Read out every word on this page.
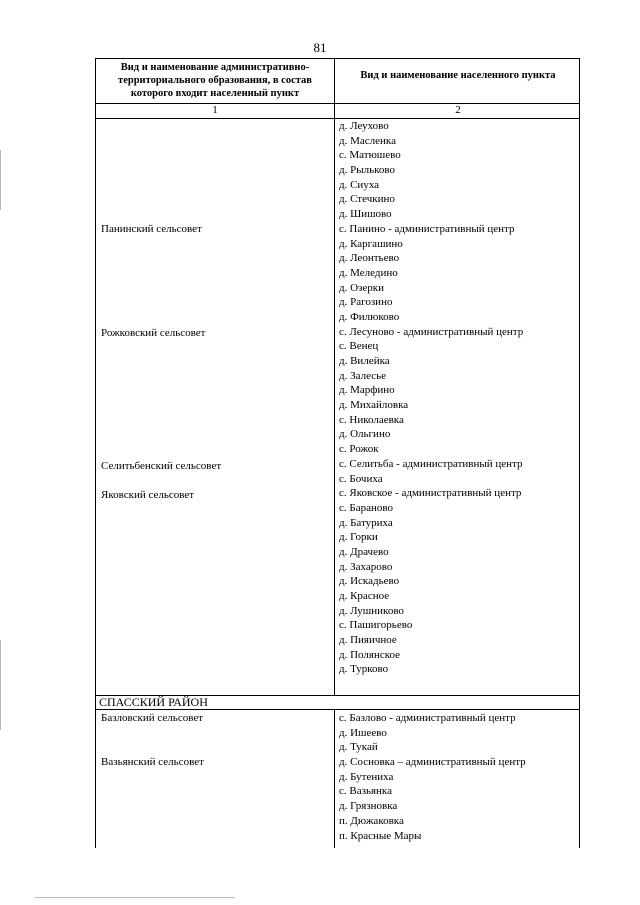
81
Вид и наименование административно-территориального образования, в состав которого входит населенный пункт
Вид и наименование населенного пункта
1	2
Панинский сельсовет
Рожковский сельсовет
Селитьбенский сельсовет
Яковский сельсовет
д. Леухово
д. Масленка
с. Матюшево
д. Рыльково
д. Сиуха
д. Стечкино
д. Шишово
с. Панино - административный центр
д. Каргашино
д. Леонтьево
д. Меледино
д. Озерки
д. Рагозино
д. Филюково
с. Лесуново - административный центр
с. Венец
д. Вилейка
д. Залесье
д. Марфино
д. Михайловка
с. Николаевка
д. Ольгино
с. Рожок
с. Селитьба - административный центр
с. Бочиха
с. Яковское - административный центр
с. Бараново
д. Батуриха
д. Горки
д. Драчево
д. Захарово
д. Искадьево
д. Красное
д. Лушниково
с. Пашигорьево
д. Пияичное
д. Полянское
д. Турково
СПАССКИЙ РАЙОН
Базловский сельсовет
Вазьянский сельсовет
с. Базлово - административный центр
д. Ишеево
д. Тукай
д. Сосновка – административный центр
д. Бутениха
с. Вазьянка
д. Грязновка
п. Дюжаковка
п. Красные Мары
